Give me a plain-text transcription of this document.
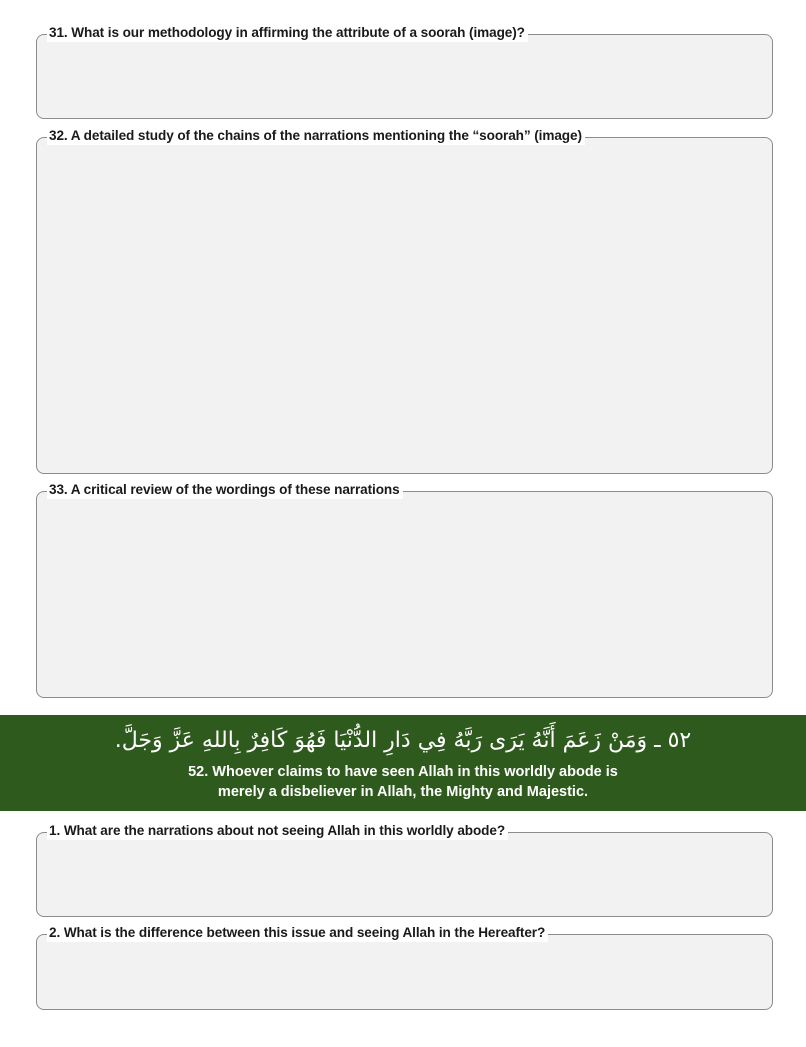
31. What is our methodology in affirming the attribute of a soorah (image)?
32. A detailed study of the chains of the narrations mentioning the “soorah” (image)
33. A critical review of the wordings of these narrations
٥٢ ـ وَمَنْ زَعَمَ أَنَّهُ يَرَى رَبَّهُ فِي دَارِ الدُّنْيَا فَهُوَ كَافِرٌ بِاللهِ عَزَّ وَجَلَّ.
52. Whoever claims to have seen Allah in this worldly abode is
merely a disbeliever in Allah, the Mighty and Majestic.
1. What are the narrations about not seeing Allah in this worldly abode?
2. What is the difference between this issue and seeing Allah in the Hereafter?
